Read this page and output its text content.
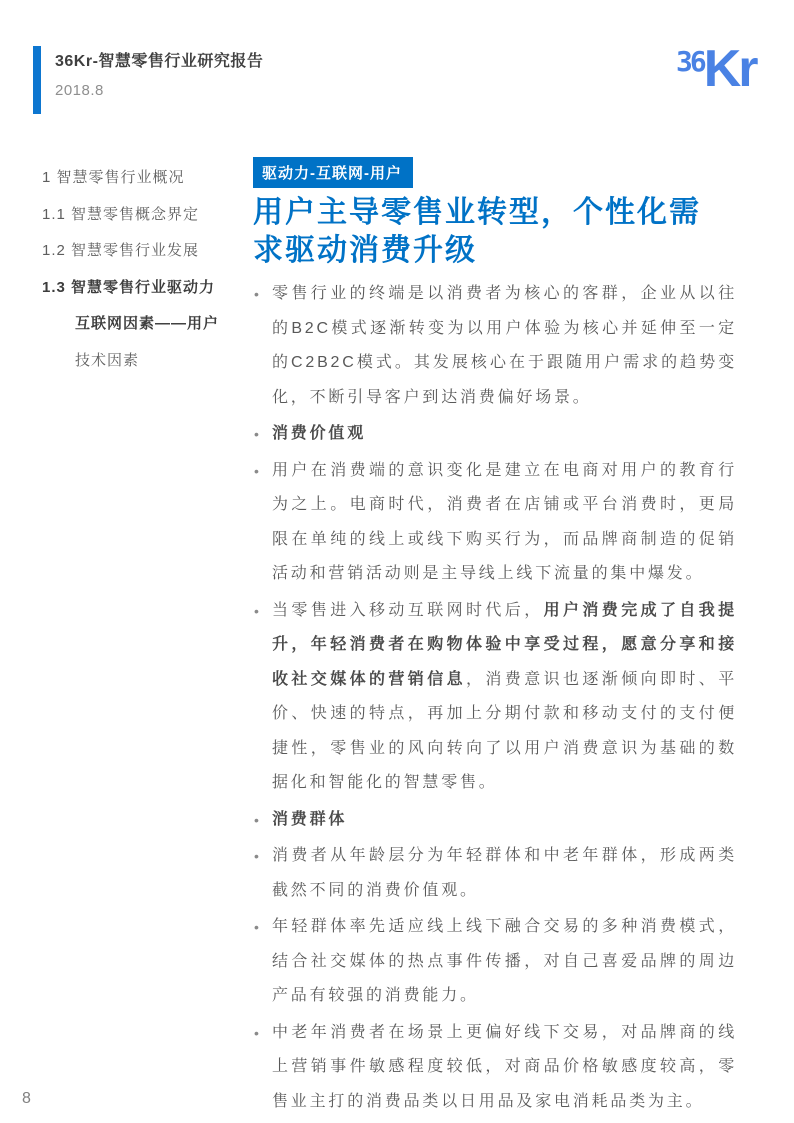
36Kr-智慧零售行业研究报告
2018.8
36 Kr
1 智慧零售行业概况
1.1 智慧零售概念界定
1.2 智慧零售行业发展
1.3 智慧零售行业驱动力
互联网因素——用户
技术因素
驱动力-互联网-用户
用户主导零售业转型，个性化需求驱动消费升级
• 零售行业的终端是以消费者为核心的客群，企业从以往的B2C模式逐渐转变为以用户体验为核心并延伸至一定的C2B2C模式。其发展核心在于跟随用户需求的趋势变化，不断引导客户到达消费偏好场景。
• 消费价值观
• 用户在消费端的意识变化是建立在电商对用户的教育行为之上。电商时代，消费者在店铺或平台消费时，更局限在单纯的线上或线下购买行为，而品牌商制造的促销活动和营销活动则是主导线上线下流量的集中爆发。
• 当零售进入移动互联网时代后，用户消费完成了自我提升，年轻消费者在购物体验中享受过程，愿意分享和接收社交媒体的营销信息，消费意识也逐渐倾向即时、平价、快速的特点，再加上分期付款和移动支付的支付便捷性，零售业的风向转向了以用户消费意识为基础的数据化和智能化的智慧零售。
• 消费群体
• 消费者从年龄层分为年轻群体和中老年群体，形成两类截然不同的消费价值观。
• 年轻群体率先适应线上线下融合交易的多种消费模式，结合社交媒体的热点事件传播，对自己喜爱品牌的周边产品有较强的消费能力。
• 中老年消费者在场景上更偏好线下交易，对品牌商的线上营销事件敏感程度较低，对商品价格敏感度较高，零售业主打的消费品类以日用品及家电消耗品类为主。
8
